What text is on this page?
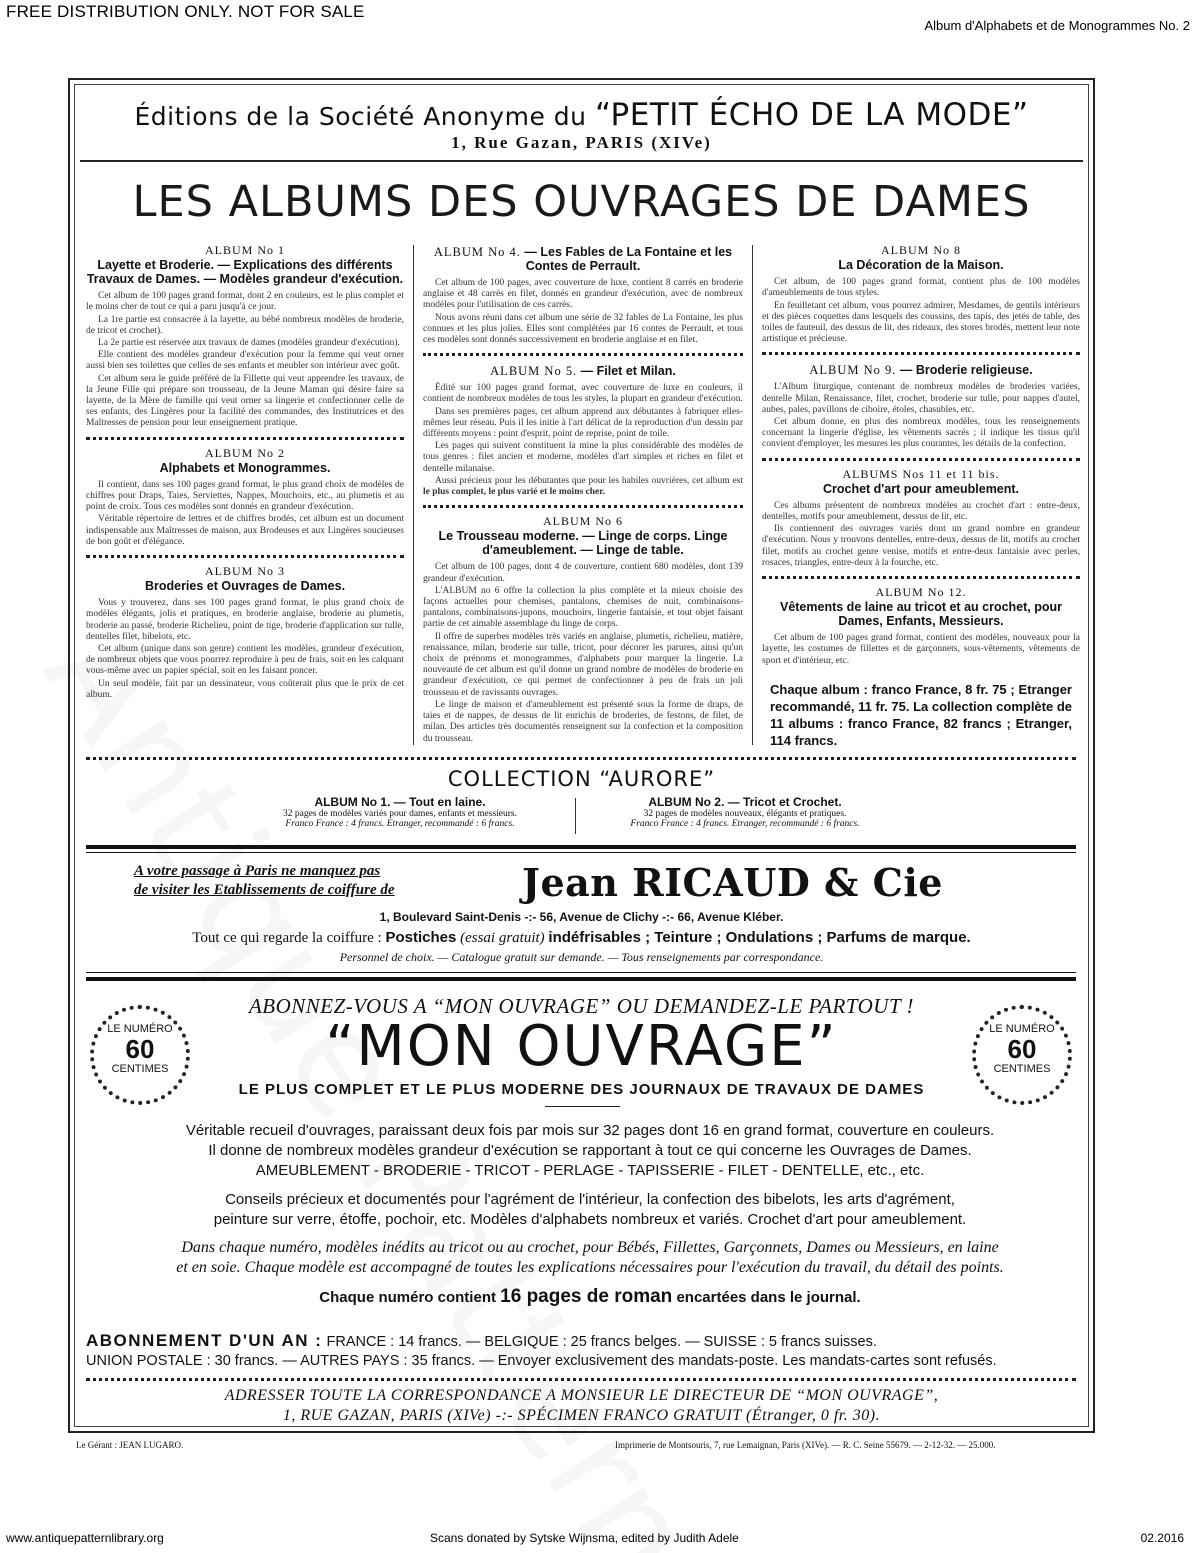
FREE DISTRIBUTION ONLY. NOT FOR SALE
Album d'Alphabets et de Monogrammes No. 2
Éditions de la Société Anonyme du “PETIT ÉCHO DE LA MODE”
1, Rue Gazan, PARIS (XIVe)
LES ALBUMS DES OUVRAGES DE DAMES
ALBUM No 1
Layette et Broderie. — Explications des différents Travaux de Dames. — Modèles grandeur d'exécution.

Cet album de 100 pages grand format, dont 2 en couleurs, est le plus complet et le moins cher de tout ce qui a paru jusqu'à ce jour.

La 1re partie est consacrée à la layette, au bébé nombreux modèles de broderie, de tricot et crochet).

La 2e partie est réservée aux travaux de dames (modèles grandeur d'exécution).

Elle contient des modèles grandeur d'exécution pour la femme qui veut orner aussi bien ses toilettes que celles de ses enfants et meubler son intérieur avec goût.

Cet album sera le guide préféré de la Fillette qui veut apprendre les travaux, de la Jeune Fille qui prépare son trousseau, de la Jeune Maman qui désire faire sa layette, de la Mère de famille qui veut orner sa lingerie et confectionner celle de ses enfants, des Lingères pour la facilité des commandes, des Institutrices et des Maîtresses de pension pour leur enseignement pratique.

ALBUM No 2
Alphabets et Monogrammes.

Il contient, dans ses 100 pages grand format, le plus grand choix de modèles de chiffres pour Draps, Taies, Serviettes, Nappes, Mouchoirs, etc., au plumetis et au point de croix. Tous ces modèles sont donnés en grandeur d'exécution.

Véritable répertoire de lettres et de chiffres brodés, cet album est un document indispensable aux Maîtresses de maison, aux Brodeuses et aux Lingères soucieuses de bon goût et d'élégance.

ALBUM No 3
Broderies et Ouvrages de Dames.

Vous y trouverez, dans ses 100 pages grand format, le plus grand choix de modèles élégants, jolis et pratiques, en broderie anglaise, broderie au plumetis, broderie au passé, broderie Richelieu, point de tige, broderie d'application sur tulle, dentelles filet, bibelots, etc.

Cet album (unique dans son genre) contient les modèles, grandeur d'exécution, de nombreux objets que vous pourrez reproduire à peu de frais, soit en les calquant vous-même avec un papier spécial, soit en les faisant poncer.

Un seul modèle, fait par un dessinateur, vous coûterait plus que le prix de cet album.

ALBUM No 4. — Les Fables de La Fontaine et les Contes de Perrault.

Cet album de 100 pages, avec couverture de luxe, contient 8 carrés en broderie anglaise et 48 carrés en filet, donnés en grandeur d'exécution, avec de nombreux modèles pour l'utilisation de ces carrés.

Nous avons réuni dans cet album une série de 32 fables de La Fontaine, les plus connues et les plus jolies. Elles sont complétées par 16 contes de Perrault, et tous ces modèles sont donnés successivement en broderie anglaise et en filet.

ALBUM No 5. — Filet et Milan.

Édité sur 100 pages grand format, avec couverture de luxe en couleurs, il contient de nombreux modèles de tous les styles, la plupart en grandeur d'exécution.

Dans ses premières pages, cet album apprend aux débutantes à fabriquer elles-mêmes leur réseau. Puis il les initie à l'art délicat de la reproduction d'un dessin par différents moyens : point d'esprit, point de reprise, point de toile.

Les pages qui suivent constituent la mine la plus considérable des modèles de tous genres : filet ancien et moderne, modèles d'art simples et riches en filet et dentelle milanaise.

Aussi précieux pour les débutantes que pour les habiles ouvrières, cet album est le plus complet, le plus varié et le moins cher.

ALBUM No 6
Le Trousseau moderne. — Linge de corps. Linge d'ameublement. — Linge de table.

Cet album de 100 pages, dont 4 de couverture, contient 680 modèles, dont 139 grandeur d'exécution.

L'ALBUM no 6 offre la collection la plus complète et la mieux choisie des façons actuelles pour chemises, pantalons, chemises de nuit, combinaisons-pantalons, combinaisons-jupons, mouchoirs, lingerie fantaisie, et tout objet faisant partie de cet aimable assemblage du linge de corps.

Il offre de superbes modèles très variés en anglaise, plumetis, richelieu, matière, renaissance, milan, broderie sur tulle, tricot, pour décorer les parures, ainsi qu'un choix de prénoms et monogrammes, d'alphabets pour marquer la lingerie. La nouveauté de cet album est qu'il donne un grand nombre de modèles de broderie en grandeur d'exécution, ce qui permet de confectionner à peu de frais un joli trousseau et de ravissants ouvrages.

Le linge de maison et d'ameublement est présenté sous la forme de draps, de taies et de nappes, de dessus de lit enrichis de broderies, de festons, de filet, de milan. Des articles très documentés renseignent sur la confection et la composition du trousseau.

ALBUM No 8
La Décoration de la Maison.

Cet album, de 100 pages grand format, contient plus de 100 modèles d'ameublements de tous styles.

En feuilletant cet album, vous pourrez admirer, Mesdames, de gentils intérieurs et des pièces coquettes dans lesquels des coussins, des tapis, des jetés de table, des toiles de fauteuil, des dessus de lit, des rideaux, des stores brodés, mettent leur note artistique et précieuse.

ALBUM No 9. — Broderie religieuse.

L'Album liturgique, contenant de nombreux modèles de broderies variées, dentelle Milan, Renaissance, filet, crochet, broderie sur tulle, pour nappes d'autel, aubes, pales, pavillons de ciboire, étoles, chasubles, etc.

Cet album donne, en plus des nombreux modèles, tous les renseignements concernant la lingerie d'église, les vêtements sacrés ; il indique les tissus qu'il convient d'employer, les mesures les plus courantes, les détails de la confection.

ALBUMS Nos 11 et 11 bis.
Crochet d'art pour ameublement.

Ces albums présentent de nombreux modèles au crochet d'art : entre-deux, dentelles, motifs pour ameublement, dessus de lit, etc.

Ils contiennent des ouvrages variés dont un grand nombre en grandeur d'exécution. Nous y trouvons dentelles, entre-deux, dessus de lit, motifs au crochet filet, motifs au crochet genre venise, motifs et entre-deux fantaisie avec perles, rosaces, triangles, entre-deux à la fourche, etc.

ALBUM No 12.
Vêtements de laine au tricot et au crochet, pour Dames, Enfants, Messieurs.

Cet album de 100 pages grand format, contient des modèles, nouveaux pour la layette, les costumes de fillettes et de garçonnets, sous-vêtements, vêtements de sport et d'intérieur, etc.

Chaque album : franco France, 8 fr. 75 ; Etranger recommandé, 11 fr. 75. La collection complète de 11 albums : franco France, 82 francs ; Etranger, 114 francs.
COLLECTION “AURORE”
ALBUM No 1. — Tout en laine.
32 pages de modèles variés pour dames, enfants et messieurs.
Franco France : 4 francs. Etranger, recommandé : 6 francs.
ALBUM No 2. — Tricot et Crochet.
32 pages de modèles nouveaux, élégants et pratiques.
Franco France : 4 francs. Etranger, recommandé : 6 francs.
A votre passage à Paris ne manquez pas
de visiter les Etablissements de coiffure de	Jean RICAUD & Cie
1, Boulevard Saint-Denis -:- 56, Avenue de Clichy -:- 66, Avenue Kléber.
Tout ce qui regarde la coiffure : Postiches (essai gratuit) indéfrisables ; Teinture ; Ondulations ; Parfums de marque.
Personnel de choix. — Catalogue gratuit sur demande. — Tous renseignements par correspondance.
ABONNEZ-VOUS A “MON OUVRAGE” OU DEMANDEZ-LE PARTOUT !
LE NUMÉRO
60
CENTIMES
LE NUMÉRO
60
CENTIMES
“MON OUVRAGE”
LE PLUS COMPLET ET LE PLUS MODERNE DES JOURNAUX DE TRAVAUX DE DAMES
Véritable recueil d'ouvrages, paraissant deux fois par mois sur 32 pages dont 16 en grand format, couverture en couleurs.
Il donne de nombreux modèles grandeur d'exécution se rapportant à tout ce qui concerne les Ouvrages de Dames.
AMEUBLEMENT - BRODERIE - TRICOT - PERLAGE - TAPISSERIE - FILET - DENTELLE, etc., etc.
Conseils précieux et documentés pour l'agrément de l'intérieur, la confection des bibelots, les arts d'agrément,
peinture sur verre, étoffe, pochoir, etc. Modèles d'alphabets nombreux et variés. Crochet d'art pour ameublement.
Dans chaque numéro, modèles inédits au tricot ou au crochet, pour Bébés, Fillettes, Garçonnets, Dames ou Messieurs, en laine
et en soie. Chaque modèle est accompagné de toutes les explications nécessaires pour l'exécution du travail, du détail des points.
Chaque numéro contient 16 pages de roman encartées dans le journal.
ABONNEMENT D'UN AN : FRANCE : 14 francs. — BELGIQUE : 25 francs belges. — SUISSE : 5 francs suisses.
UNION POSTALE : 30 francs. — AUTRES PAYS : 35 francs. — Envoyer exclusivement des mandats-poste. Les mandats-cartes sont refusés.
ADRESSER TOUTE LA CORRESPONDANCE A MONSIEUR LE DIRECTEUR DE “MON OUVRAGE”,
1, RUE GAZAN, PARIS (XIVe) -:- SPÉCIMEN FRANCO GRATUIT (Étranger, 0 fr. 30).
Le Gérant : JEAN LUGARO.	Imprimerie de Montsouris, 7, rue Lemaignan, Paris (XIVe). — R. C. Seine 55679. — 2-12-32. — 25.000.
www.antiquepatternlibrary.org	Scans donated by Sytske Wijnsma, edited by Judith Adele	02.2016
